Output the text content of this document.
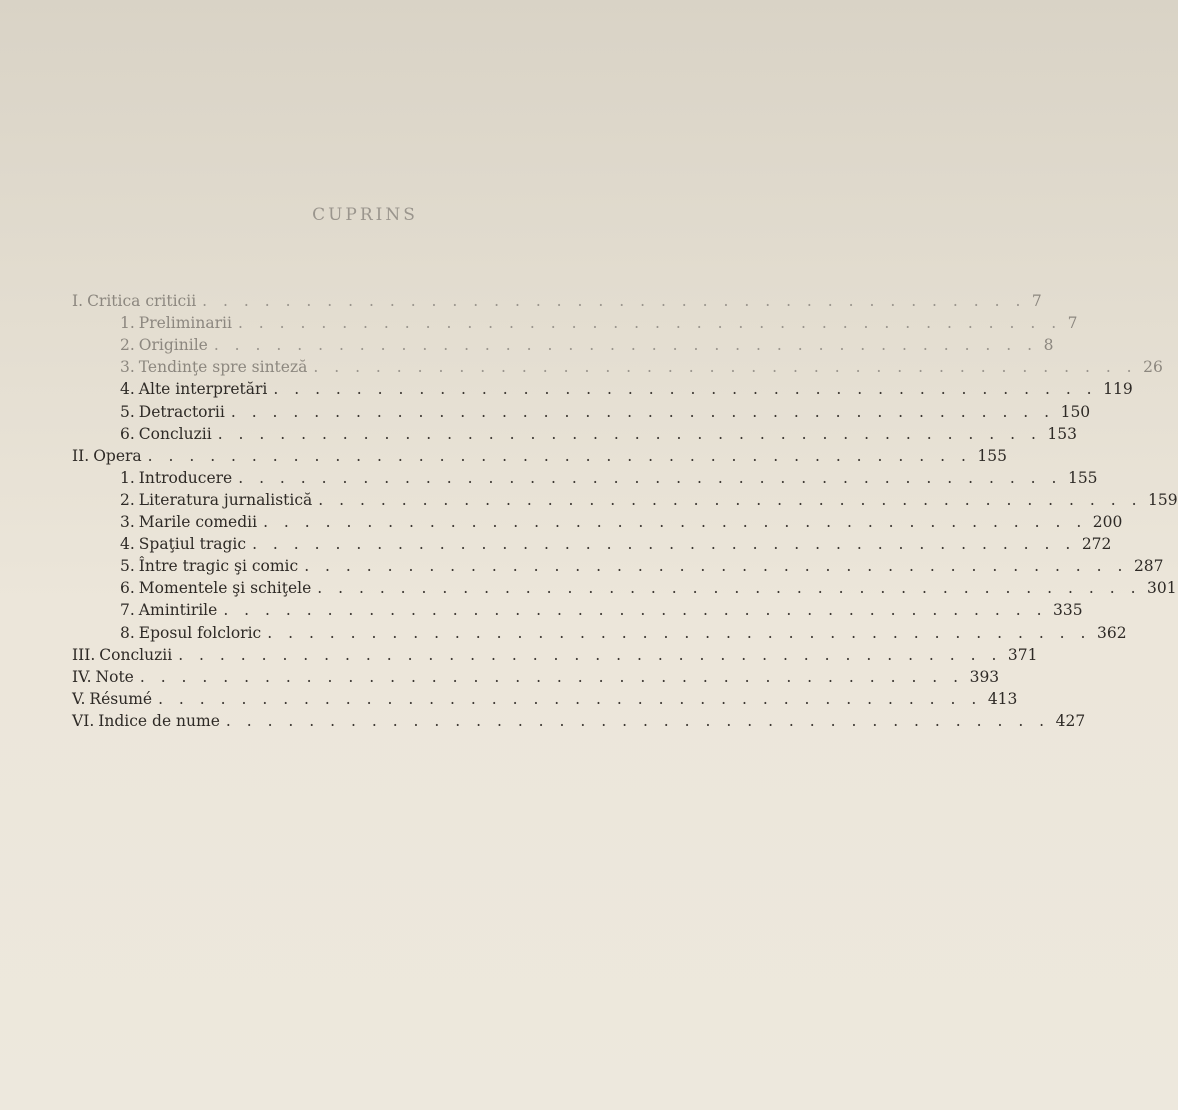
CUPRINS
I. Critica criticii . . . . . . . . . . . . . . . . . . . . . . . . . . . . . . . . . . . . . . . . 7
1. Preliminarii . . . . . . . . . . . . . . . . . . . . . . . . . . . . . . . . . . . . . . . . 7
2. Originile . . . . . . . . . . . . . . . . . . . . . . . . . . . . . . . . . . . . . . . . 8
3. Tendinţe spre sinteză . . . . . . . . . . . . . . . . . . . . . . . . . . . . . . . . . . . . . . . . 26
4. Alte interpretări . . . . . . . . . . . . . . . . . . . . . . . . . . . . . . . . . . . . . . . . 119
5. Detractorii . . . . . . . . . . . . . . . . . . . . . . . . . . . . . . . . . . . . . . . . 150
6. Concluzii . . . . . . . . . . . . . . . . . . . . . . . . . . . . . . . . . . . . . . . . 153
II. Opera . . . . . . . . . . . . . . . . . . . . . . . . . . . . . . . . . . . . . . . . 155
1. Introducere . . . . . . . . . . . . . . . . . . . . . . . . . . . . . . . . . . . . . . . . 155
2. Literatura jurnalistică . . . . . . . . . . . . . . . . . . . . . . . . . . . . . . . . . . . . . . . . 159
3. Marile comedii . . . . . . . . . . . . . . . . . . . . . . . . . . . . . . . . . . . . . . . . 200
4. Spaţiul tragic . . . . . . . . . . . . . . . . . . . . . . . . . . . . . . . . . . . . . . . . 272
5. Între tragic şi comic . . . . . . . . . . . . . . . . . . . . . . . . . . . . . . . . . . . . . . . . 287
6. Momentele şi schiţele . . . . . . . . . . . . . . . . . . . . . . . . . . . . . . . . . . . . . . . . 301
7. Amintirile . . . . . . . . . . . . . . . . . . . . . . . . . . . . . . . . . . . . . . . . 335
8. Eposul folcloric . . . . . . . . . . . . . . . . . . . . . . . . . . . . . . . . . . . . . . . . 362
III. Concluzii . . . . . . . . . . . . . . . . . . . . . . . . . . . . . . . . . . . . . . . . 371
IV. Note . . . . . . . . . . . . . . . . . . . . . . . . . . . . . . . . . . . . . . . . 393
V. Résumé . . . . . . . . . . . . . . . . . . . . . . . . . . . . . . . . . . . . . . . . 413
VI. Indice de nume . . . . . . . . . . . . . . . . . . . . . . . . . . . . . . . . . . . . . . . . 427
